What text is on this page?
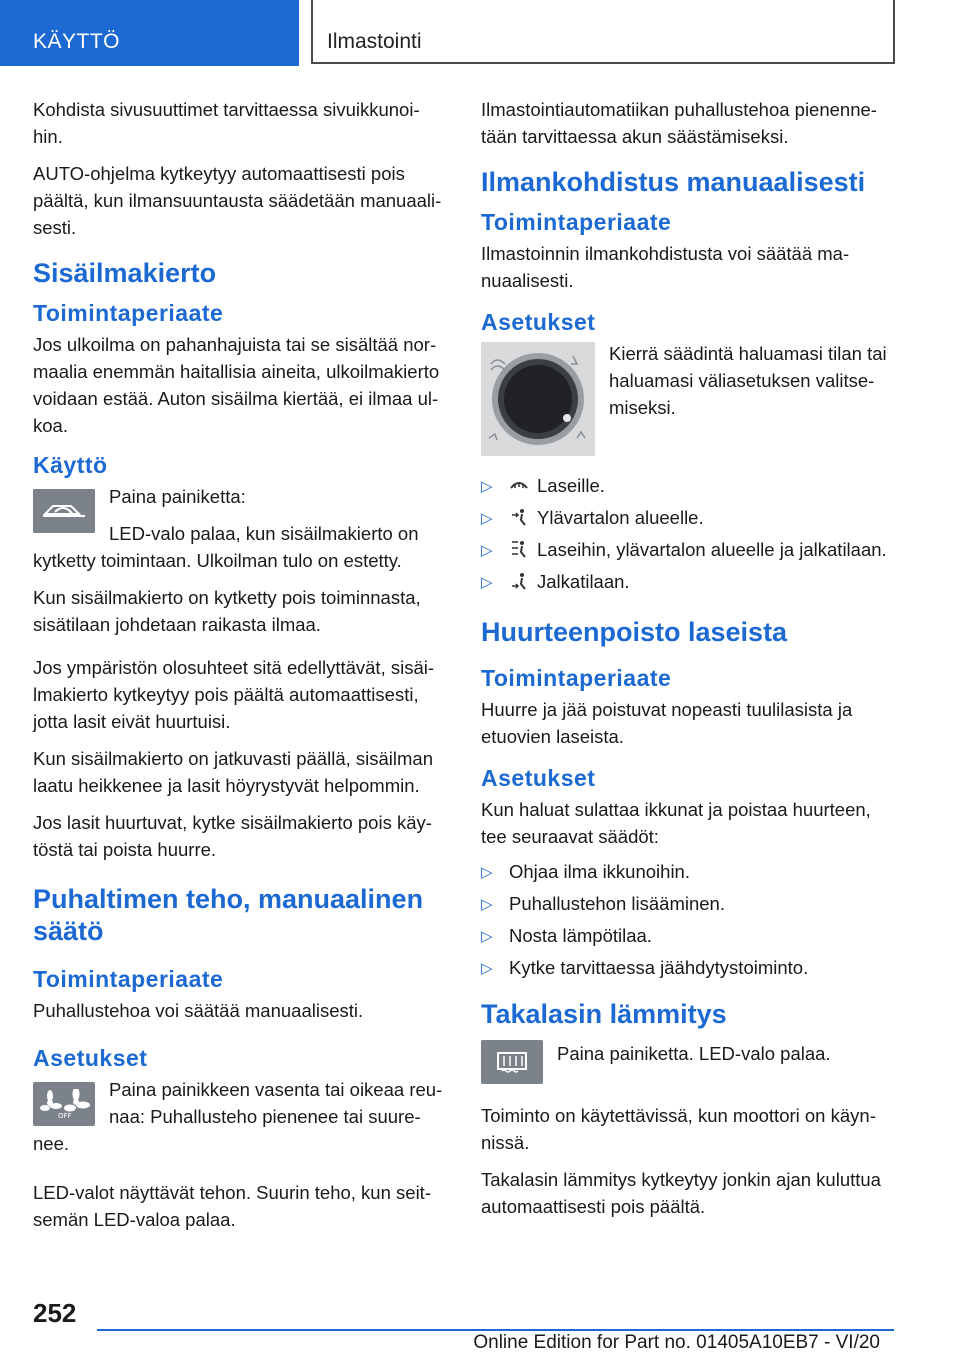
KÄYTTÖ	Ilmastointi

Kohdista sivusuuttimet tarvittaessa sivuikkunoi-hin.

AUTO-ohjelma kytkeytyy automaattisesti pois päältä, kun ilmansuuntausta säädetään manuaali-sesti.

Sisäilmakierto
Toimintaperiaate

Jos ulkoilma on pahanhajuista tai se sisältää nor-maalia enemmän haitallisia aineita, ulkoilmakierto voidaan estää. Auton sisäilma kiertää, ei ilmaa ul-koa.

Käyttö

Paina painiketta:

LED-valo palaa, kun sisäilmakierto on kytketty toimintaan. Ulkoilman tulo on estetty.

Kun sisäilmakierto on kytketty pois toiminnasta, sisätilaan johdetaan raikasta ilmaa.

Jos ympäristön olosuhteet sitä edellyttävät, sisäi-lmakierto kytkeytyy pois päältä automaattisesti, jotta lasit eivät huurtuisi.

Kun sisäilmakierto on jatkuvasti päällä, sisäilman laatu heikkenee ja lasit höyrystyvät helpommin.

Jos lasit huurtuvat, kytke sisäilmakierto pois käy-töstä tai poista huurre.

Puhaltimen teho, manuaalinen säätö
Toimintaperiaate

Puhallustehoa voi säätää manuaalisesti.

Asetukset
OFF

Paina painikkeen vasenta tai oikeaa reu-naa: Puhallusteho pienenee tai suure-nee.

LED-valot näyttävät tehon. Suurin teho, kun seit-semän LED-valoa palaa.

Ilmastointiautomatiikan puhallustehoa pienenne-tään tarvittaessa akun säästämiseksi.

Ilmankohdistus manuaalisesti
Toimintaperiaate

Ilmastoinnin ilmankohdistusta voi säätää ma-nuaalisesti.

Asetukset

Kierrä säädintä haluamasi tilan tai haluamasi väliasetuksen valitse-miseksi.

▷ Laseille.
▷ Ylävartalon alueelle.
▷ Laseihin, ylävartalon alueelle ja jalkatilaan.
▷ Jalkatilaan.
Huurteenpoisto laseista
Toimintaperiaate

Huurre ja jää poistuvat nopeasti tuulilasista ja etuovien laseista.

Asetukset

Kun haluat sulattaa ikkunat ja poistaa huurteen, tee seuraavat säädöt:

▷ Ohjaa ilma ikkunoihin.
▷ Puhallustehon lisääminen.
▷ Nosta lämpötilaa.
▷ Kytke tarvittaessa jäähdytystoiminto.
Takalasin lämmitys

Paina painiketta. LED-valo palaa.

Toiminto on käytettävissä, kun moottori on käyn-nissä.

Takalasin lämmitys kytkeytyy jonkin ajan kuluttua automaattisesti pois päältä.

252
Online Edition for Part no. 01405A10EB7 - VI/20
